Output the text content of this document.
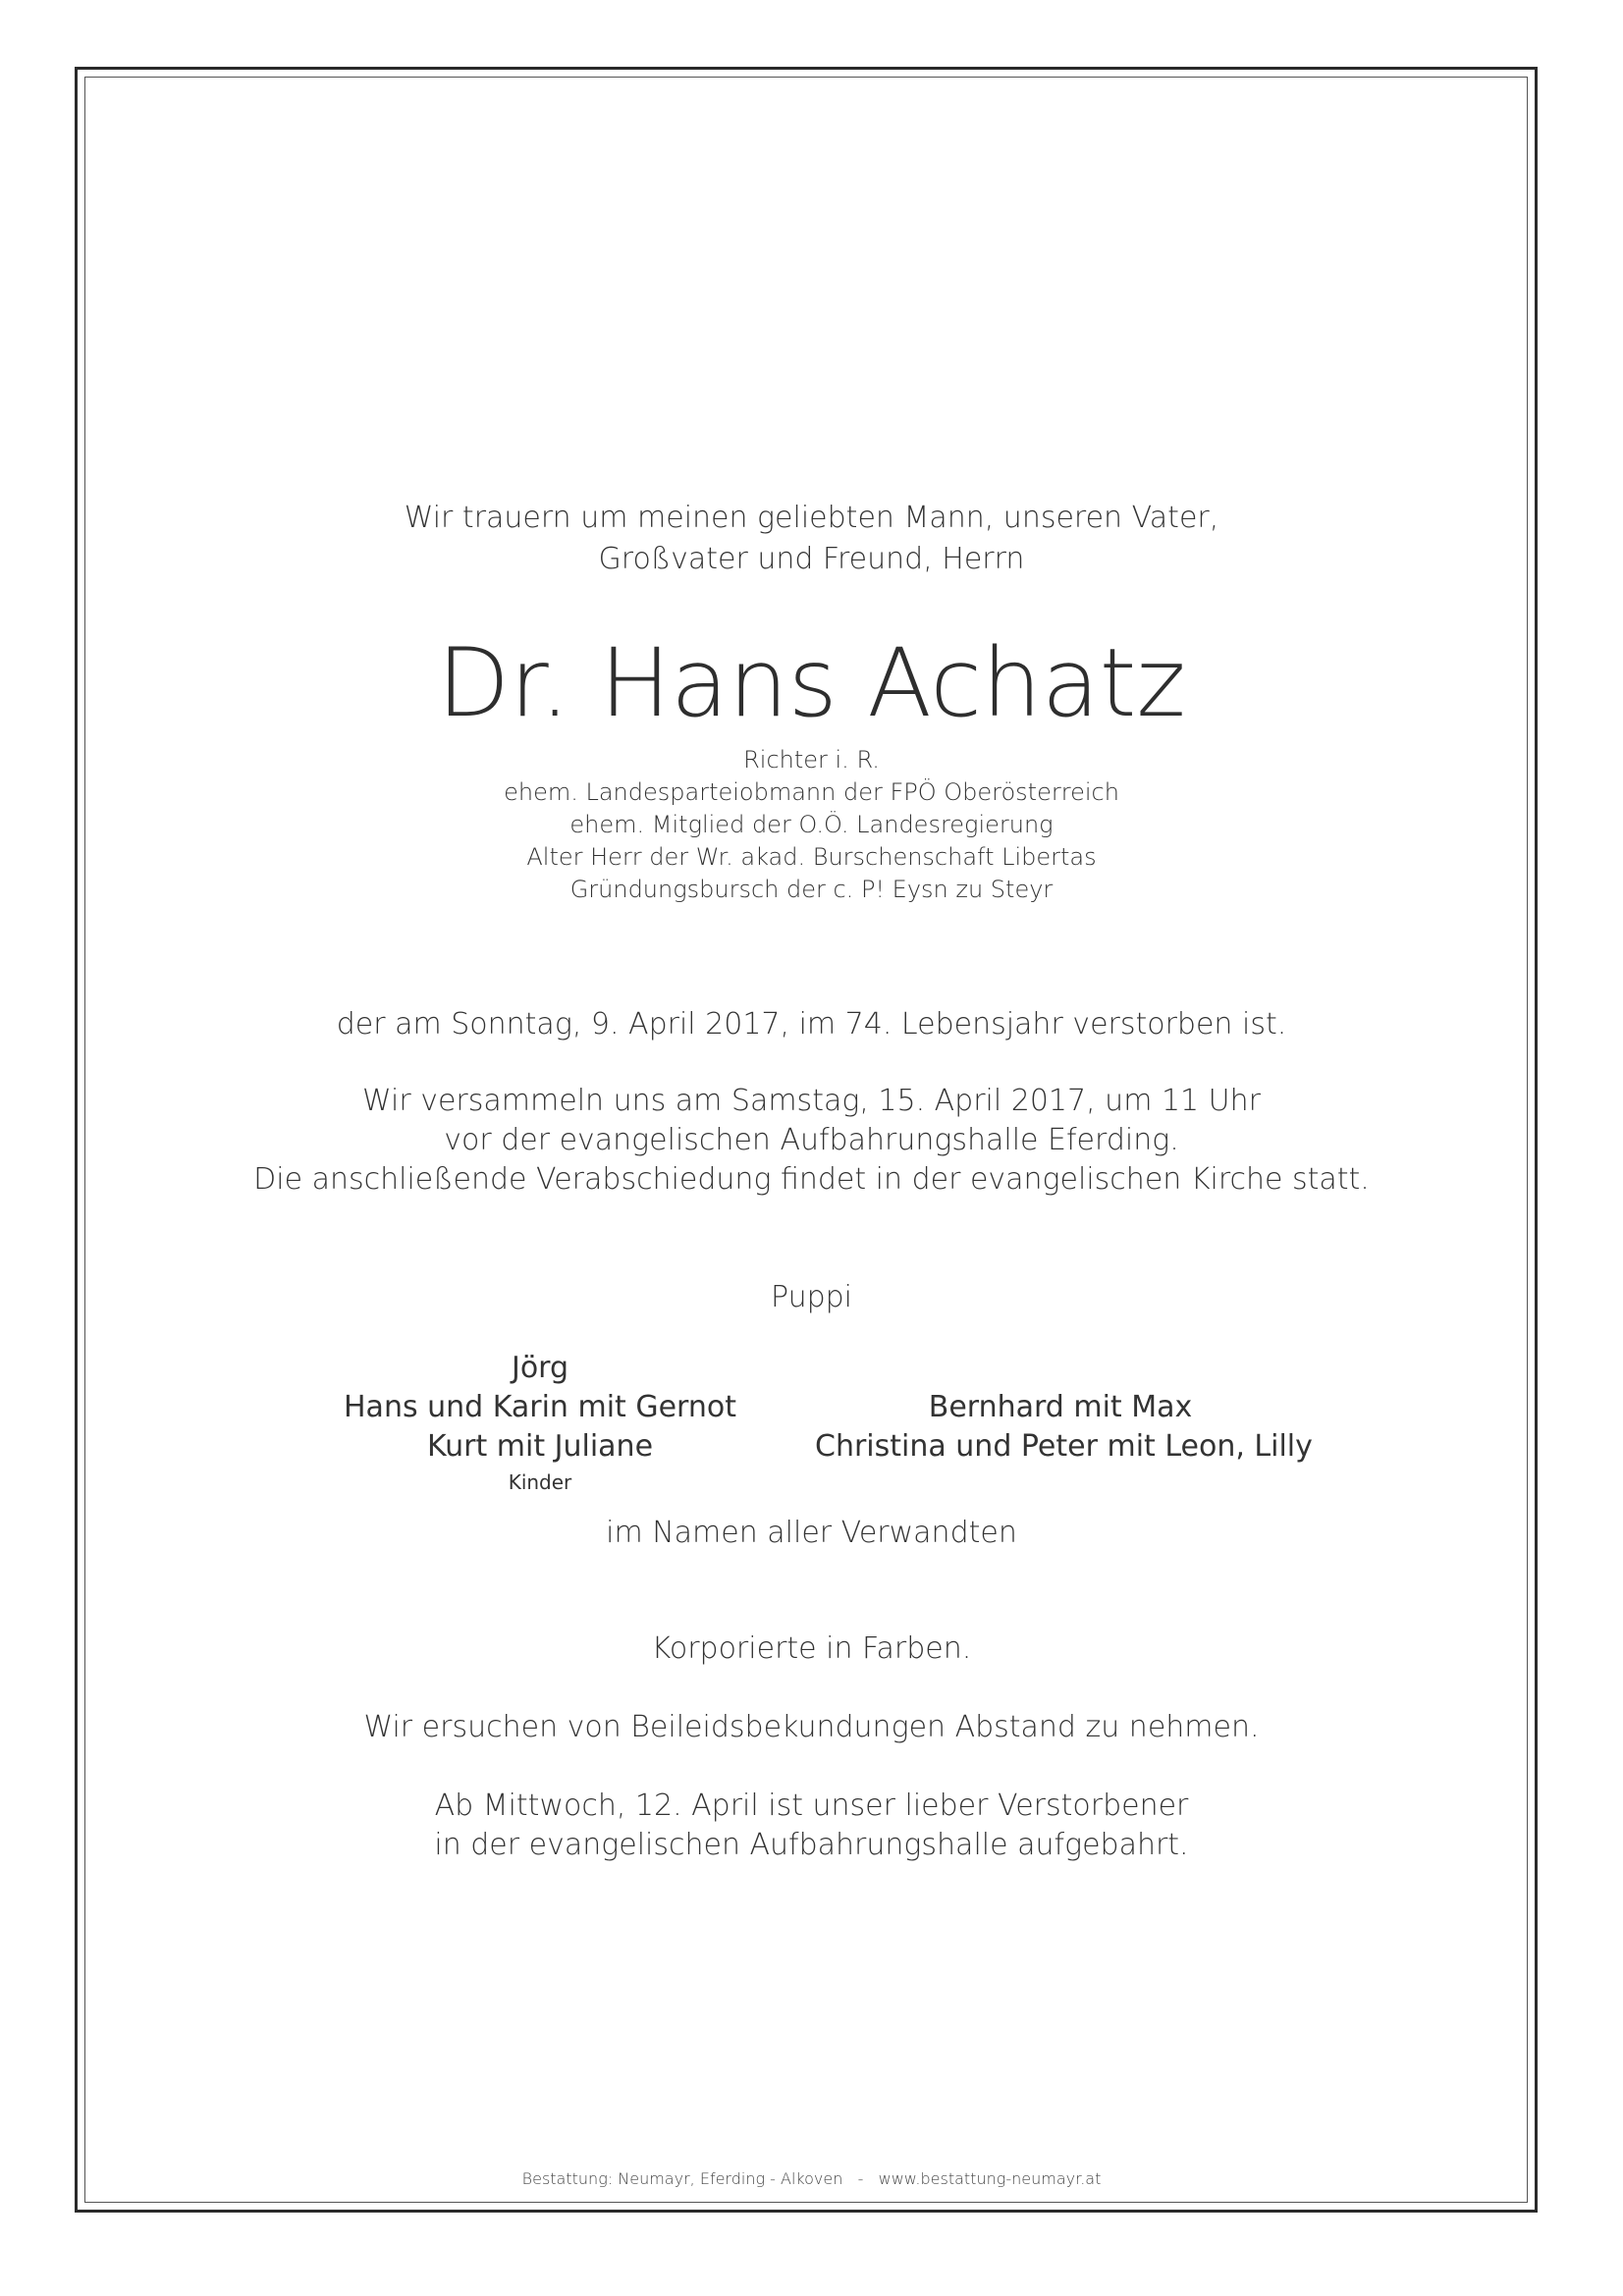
Wir trauern um meinen geliebten Mann, unseren Vater,
Großvater und Freund, Herrn
Dr. Hans Achatz
Richter i. R.
ehem. Landesparteiobmann der FPÖ Oberösterreich
ehem. Mitglied der O.Ö. Landesregierung
Alter Herr der Wr. akad. Burschenschaft Libertas
Gründungsbursch der c. P! Eysn zu Steyr
der am Sonntag, 9. April 2017, im 74. Lebensjahr verstorben ist.
Wir versammeln uns am Samstag, 15. April 2017, um 11 Uhr
vor der evangelischen Aufbahrungshalle Eferding.
Die anschließende Verabschiedung findet in der evangelischen Kirche statt.
Puppi
Jörg
Hans und Karin mit Gernot
Kurt mit Juliane
Kinder
Bernhard mit Max
Christina und Peter mit Leon, Lilly
im Namen aller Verwandten
Korporierte in Farben.
Wir ersuchen von Beileidsbekundungen Abstand zu nehmen.
Ab Mittwoch, 12. April ist unser lieber Verstorbener
in der evangelischen Aufbahrungshalle aufgebahrt.
Bestattung: Neumayr, Eferding - Alkoven   -   www.bestattung-neumayr.at
